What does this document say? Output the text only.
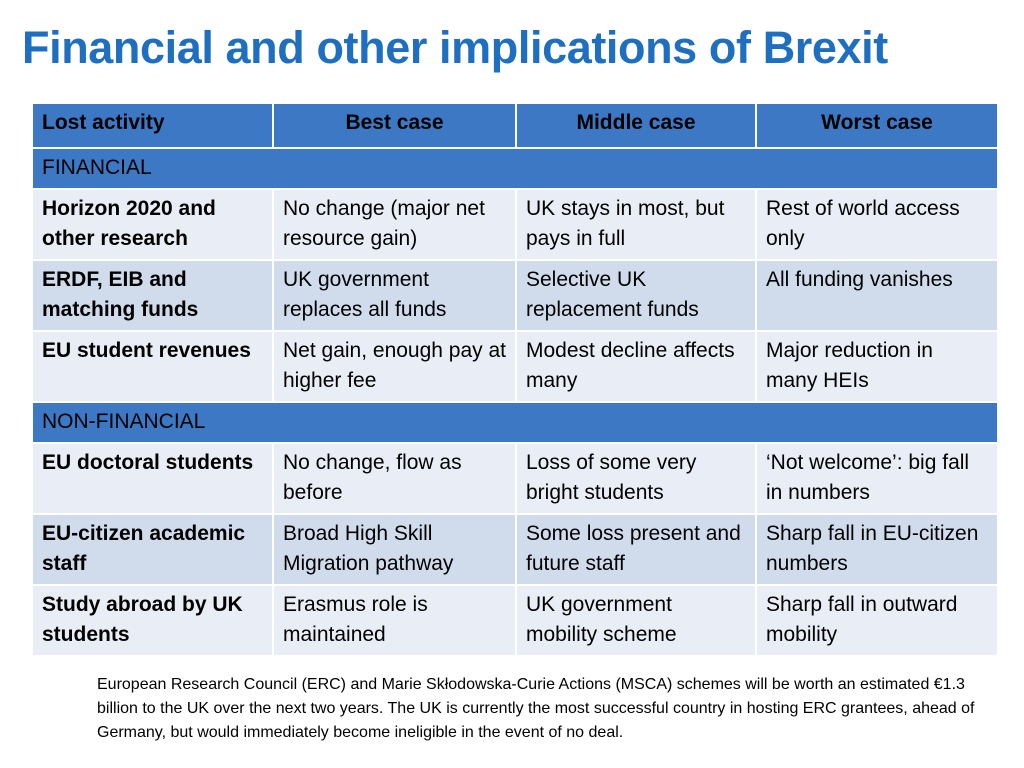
Financial and other implications of Brexit
Lost activity	Best case	Middle case	Worst case
FINANCIAL			
Horizon 2020 and other research	No change (major net resource gain)	UK stays in most, but pays in full	Rest of world access only
ERDF, EIB and matching funds	UK government replaces all funds	Selective UK replacement funds	All funding vanishes
EU student revenues	Net gain, enough pay at higher fee	Modest decline affects many	Major reduction in many HEIs
NON-FINANCIAL			
EU doctoral students	No change, flow as before	Loss of some very bright students	‘Not welcome’: big fall in numbers
EU-citizen academic staff	Broad High Skill Migration pathway	Some loss present and future staff	Sharp fall in EU-citizen numbers
Study abroad by UK students	Erasmus role is maintained	UK government mobility scheme	Sharp fall in outward mobility
European Research Council (ERC) and Marie Skłodowska-Curie Actions (MSCA) schemes will be worth an estimated €1.3 billion to the UK over the next two years. The UK is currently the most successful country in hosting ERC grantees, ahead of Germany, but would immediately become ineligible in the event of no deal.
